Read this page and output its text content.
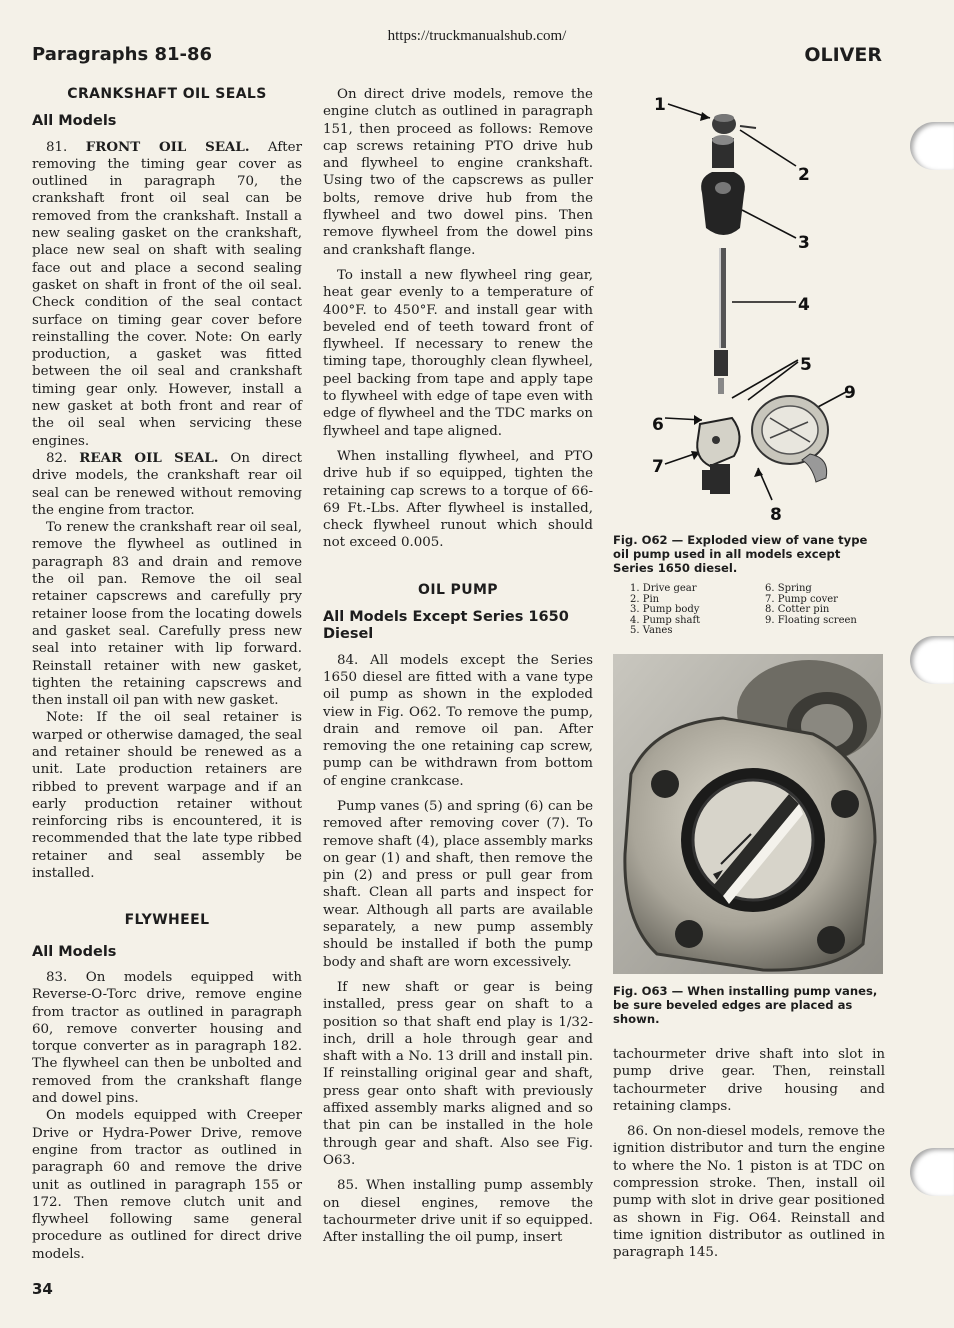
https://truckmanualshub.com/
Paragraphs 81-86	OLIVER
CRANKSHAFT OIL SEALS
All Models

81. FRONT OIL SEAL. After removing the timing gear cover as outlined in paragraph 70, the crankshaft front oil seal can be removed from the crankshaft. Install a new sealing gasket on the crankshaft, place new seal on shaft with sealing face out and place a second sealing gasket on shaft in front of the oil seal. Check condition of the seal contact surface on timing gear cover before reinstalling the cover. Note: On early production, a gasket was fitted between the oil seal and crankshaft timing gear only. However, install a new gasket at both front and rear of the oil seal when servicing these engines.

82. REAR OIL SEAL. On direct drive models, the crankshaft rear oil seal can be renewed without removing the engine from tractor.

To renew the crankshaft rear oil seal, remove the flywheel as outlined in paragraph 83 and drain and remove the oil pan. Remove the oil seal retainer capscrews and carefully pry retainer loose from the locating dowels and gasket seal. Carefully press new seal into retainer with lip forward. Reinstall retainer with new gasket, tighten the retaining capscrews and then install oil pan with new gasket.

Note: If the oil seal retainer is warped or otherwise damaged, the seal and retainer should be renewed as a unit. Late production retainers are ribbed to prevent warpage and if an early production retainer without reinforcing ribs is encountered, it is recommended that the late type ribbed retainer and seal assembly be installed.

FLYWHEEL
All Models

83. On models equipped with Reverse-O-Torc drive, remove engine from tractor as outlined in paragraph 60, remove converter housing and torque converter as in paragraph 182. The flywheel can then be unbolted and removed from the crankshaft flange and dowel pins.

On models equipped with Creeper Drive or Hydra-Power Drive, remove engine from tractor as outlined in paragraph 60 and remove the drive unit as outlined in paragraph 155 or 172. Then remove clutch unit and flywheel following same general procedure as outlined for direct drive models.

On direct drive models, remove the engine clutch as outlined in paragraph 151, then proceed as follows: Remove cap screws retaining PTO drive hub and flywheel to engine crankshaft. Using two of the capscrews as puller bolts, remove drive hub from the flywheel and two dowel pins. Then remove flywheel from the dowel pins and crankshaft flange.

To install a new flywheel ring gear, heat gear evenly to a temperature of 400°F. to 450°F. and install gear with beveled end of teeth toward front of flywheel. If necessary to renew the timing tape, thoroughly clean flywheel, peel backing from tape and apply tape to flywheel with edge of tape even with edge of flywheel and the TDC marks on flywheel and tape aligned.

When installing flywheel, and PTO drive hub if so equipped, tighten the retaining cap screws to a torque of 66-69 Ft.-Lbs. After flywheel is installed, check flywheel runout which should not exceed 0.005.

OIL PUMP
All Models Except Series 1650 Diesel

84. All models except the Series 1650 diesel are fitted with a vane type oil pump as shown in the exploded view in Fig. O62. To remove the pump, drain and remove oil pan. After removing the one retaining cap screw, pump can be withdrawn from bottom of engine crankcase.

Pump vanes (5) and spring (6) can be removed after removing cover (7). To remove shaft (4), place assembly marks on gear (1) and shaft, then remove the pin (2) and press or pull gear from shaft. Clean all parts and inspect for wear. Although all parts are available separately, a new pump assembly should be installed if both the pump body and shaft are worn excessively.

If new shaft or gear is being installed, press gear on shaft to a position so that shaft end play is 1/32-inch, drill a hole through gear and shaft with a No. 13 drill and install pin. If reinstalling original gear and shaft, press gear onto shaft with previously affixed assembly marks aligned and so that pin can be installed in the hole through gear and shaft. Also see Fig. O63.

85. When installing pump assembly on diesel engines, remove the tachourmeter drive unit if so equipped. After installing the oil pump, insert

1
2
3
4
5
6
7
8
9
Fig. O62 — Exploded view of vane type oil pump used in all models except Series 1650 diesel.
1. Drive gear	6. Spring
2. Pin	7. Pump cover
3. Pump body	8. Cotter pin
4. Pump shaft	9. Floating screen
5. Vanes
Fig. O63 — When installing pump vanes, be sure beveled edges are placed as shown.

tachourmeter drive shaft into slot in pump drive gear. Then, reinstall tachourmeter drive housing and retaining clamps.

86. On non-diesel models, remove the ignition distributor and turn the engine to where the No. 1 piston is at TDC on compression stroke. Then, install oil pump with slot in drive gear positioned as shown in Fig. O64. Reinstall and time ignition distributor as outlined in paragraph 145.

34
